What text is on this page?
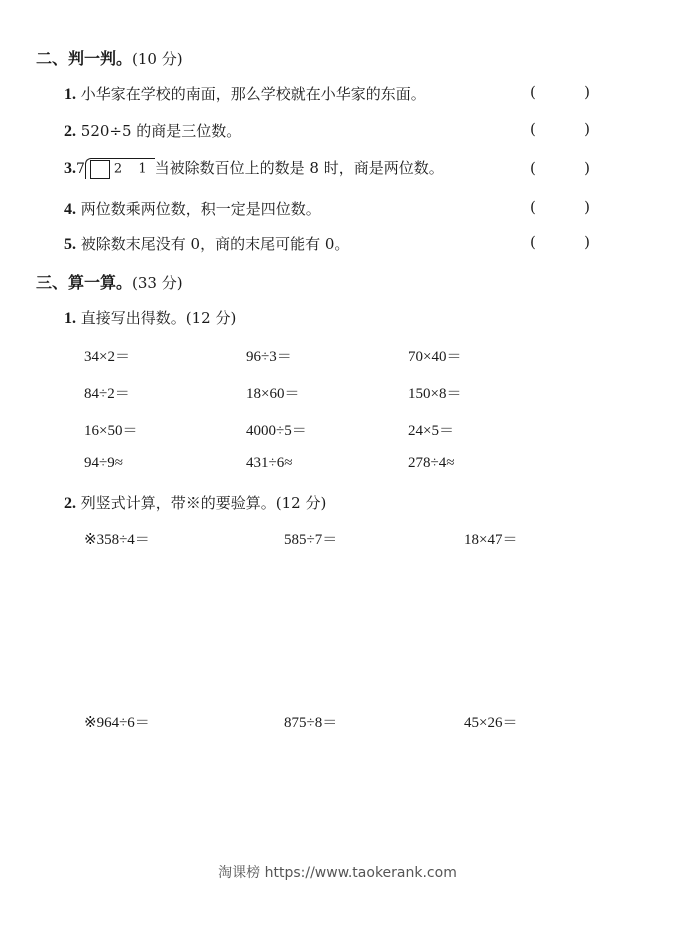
二、判一判。(10 分)
1. 小华家在学校的南面，那么学校就在小华家的东面。	(	)
2. 520÷5 的商是三位数。	(	)
3.7 2 1 当被除数百位上的数是 8 时，商是两位数。	(	)
4. 两位数乘两位数，积一定是四位数。	(	)
5. 被除数末尾没有 0，商的末尾可能有 0。	(	)
三、算一算。(33 分)
1. 直接写出得数。(12 分)
34×2＝	96÷3＝	70×40＝
84÷2＝	18×60＝	150×8＝
16×50＝	4000÷5＝	24×5＝
94÷9≈	431÷6≈	278÷4≈
2. 列竖式计算，带※的要验算。(12 分)
※358÷4＝	585÷7＝	18×47＝
※964÷6＝	875÷8＝	45×26＝
淘课榜 https://www.taokerank.com
